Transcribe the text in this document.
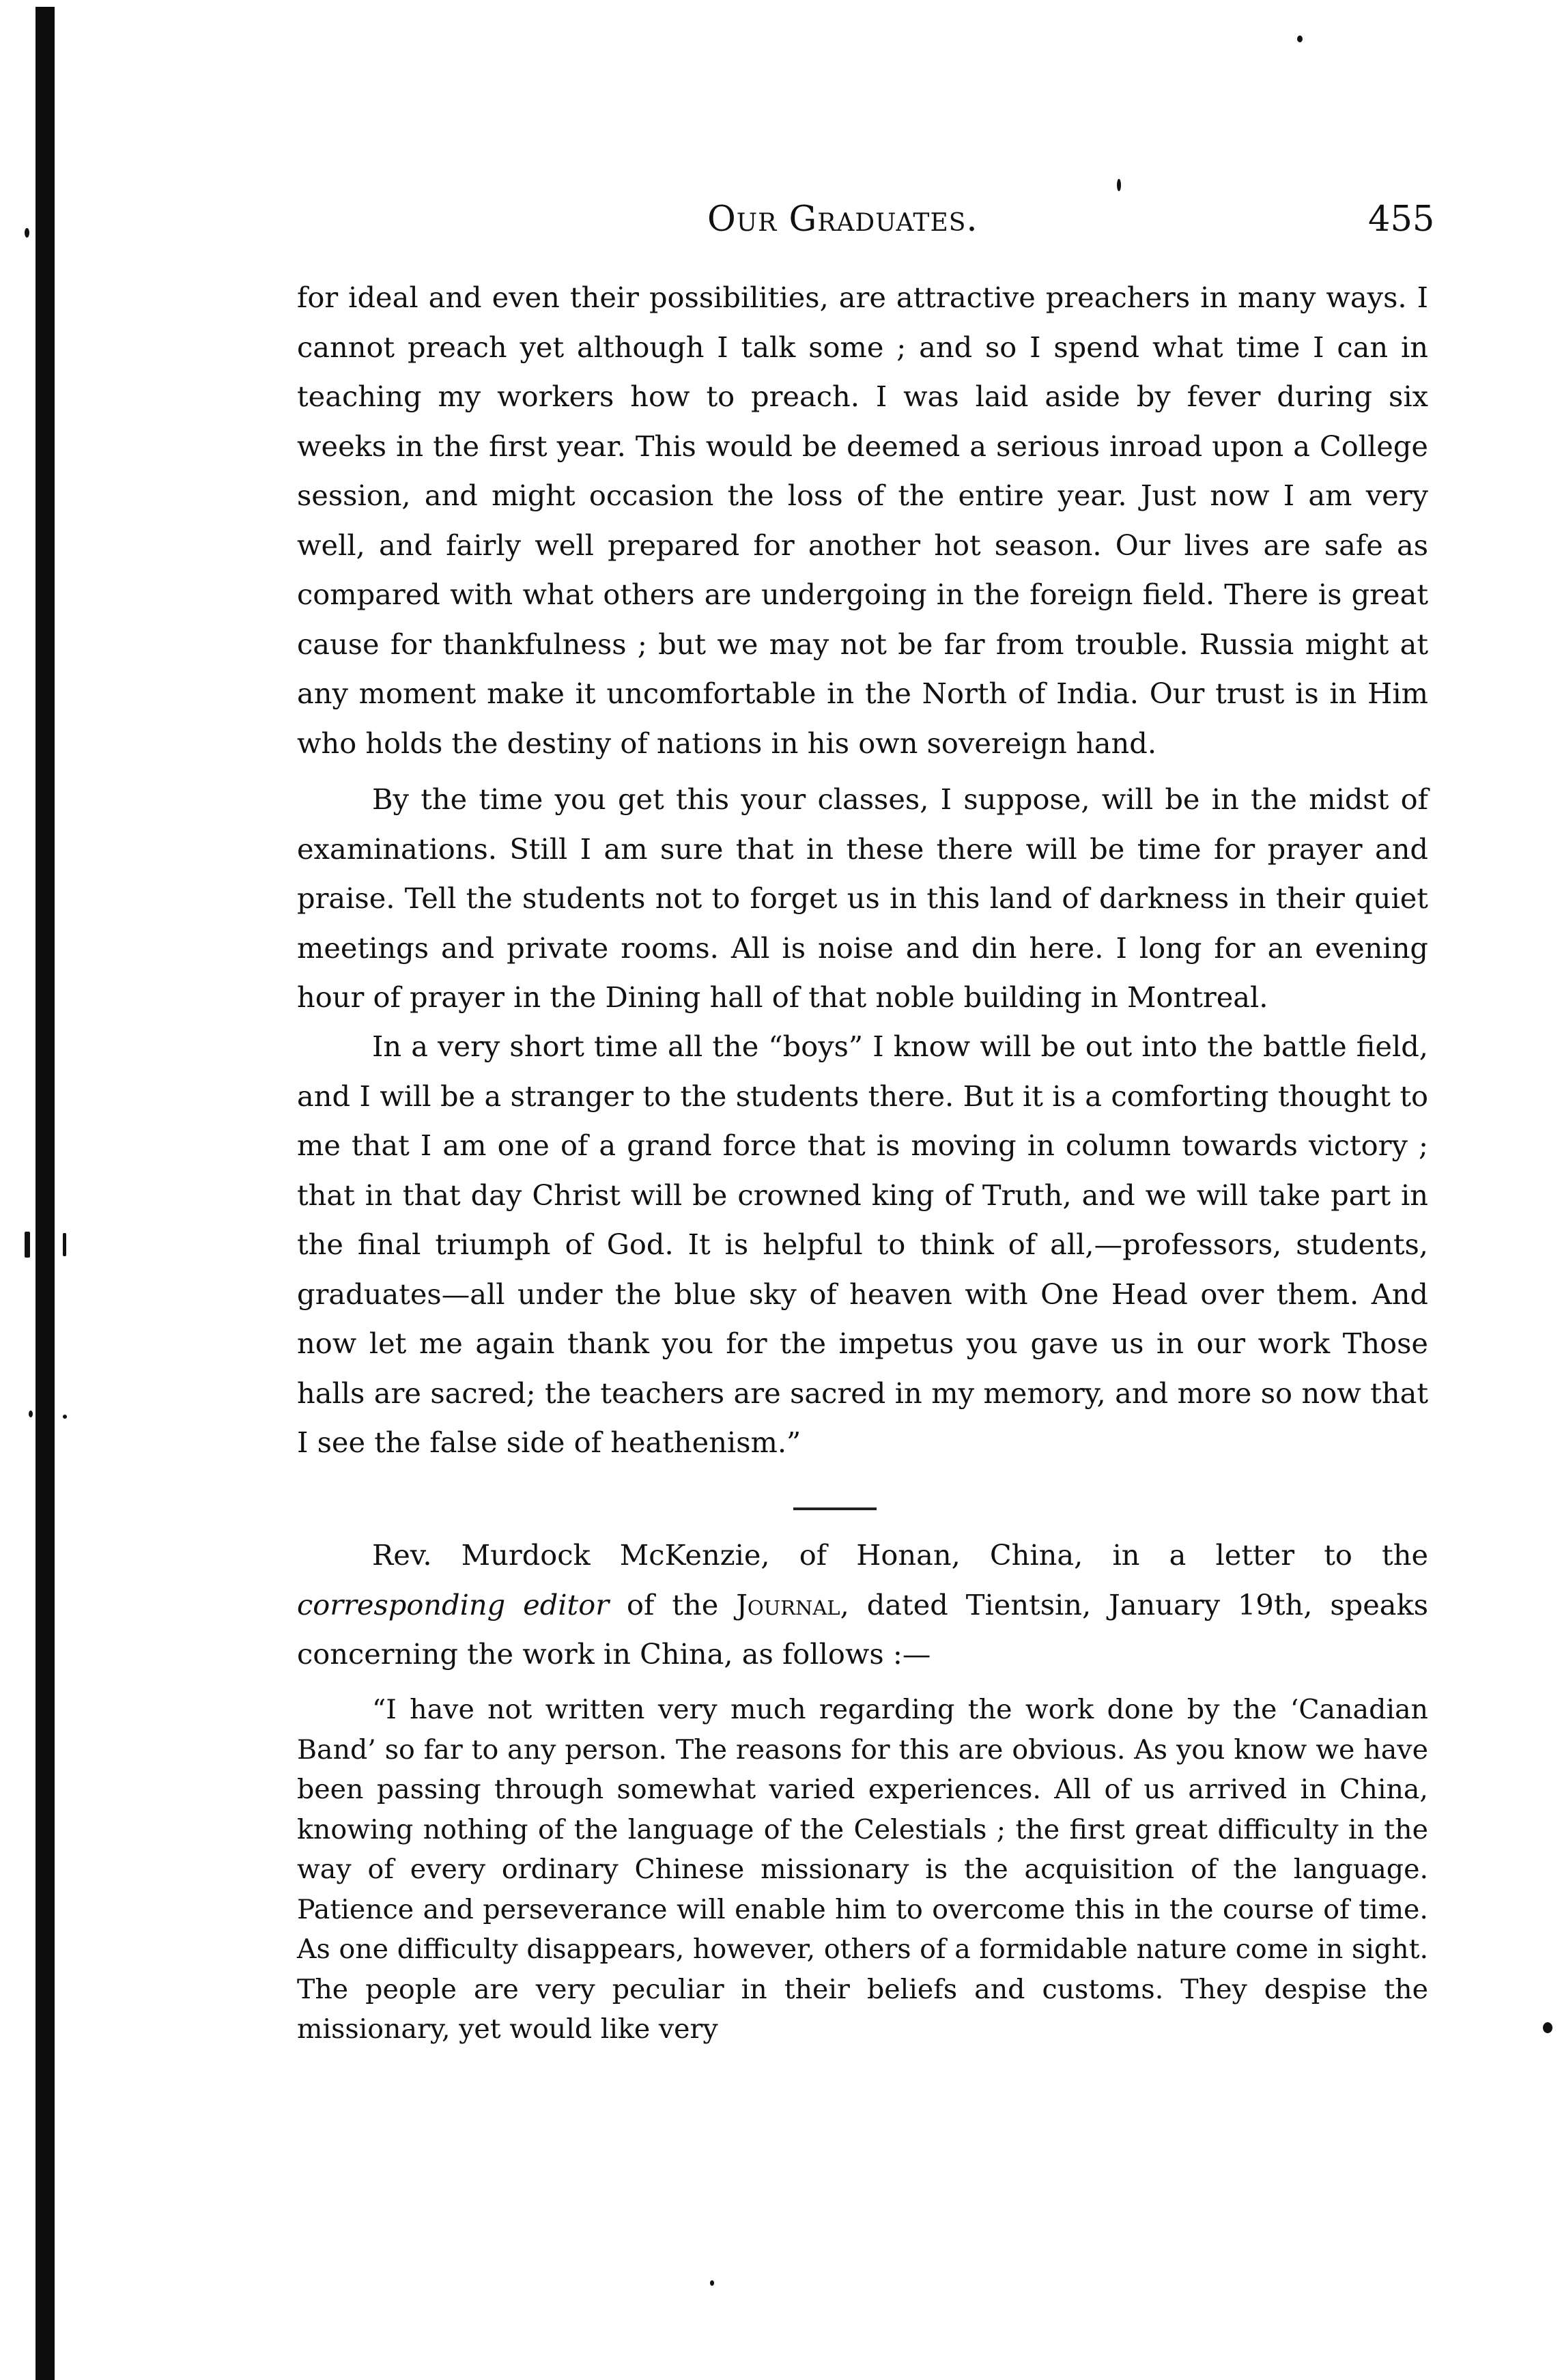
Our Graduates.	455

for ideal and even their possibilities, are attractive preachers in many ways. I cannot preach yet although I talk some ; and so I spend what time I can in teaching my workers how to preach. I was laid aside by fever during six weeks in the first year. This would be deemed a serious inroad upon a College session, and might occasion the loss of the entire year. Just now I am very well, and fairly well prepared for another hot season. Our lives are safe as compared with what others are undergoing in the foreign field. There is great cause for thankfulness ; but we may not be far from trouble. Russia might at any moment make it uncomfortable in the North of India. Our trust is in Him who holds the destiny of nations in his own sovereign hand.

By the time you get this your classes, I suppose, will be in the midst of examinations. Still I am sure that in these there will be time for prayer and praise. Tell the students not to forget us in this land of darkness in their quiet meetings and private rooms. All is noise and din here. I long for an evening hour of prayer in the Dining hall of that noble building in Montreal.

In a very short time all the “boys” I know will be out into the battle field, and I will be a stranger to the students there. But it is a comforting thought to me that I am one of a grand force that is moving in column towards victory ; that in that day Christ will be crowned king of Truth, and we will take part in the final triumph of God. It is helpful to think of all,—professors, students, graduates—all under the blue sky of heaven with One Head over them. And now let me again thank you for the impetus you gave us in our work Those halls are sacred; the teachers are sacred in my memory, and more so now that I see the false side of heathenism.”

Rev. Murdock McKenzie, of Honan, China, in a letter to the corresponding editor of the Journal, dated Tientsin, January 19th, speaks concerning the work in China, as follows :—

“I have not written very much regarding the work done by the ‘Canadian Band’ so far to any person. The reasons for this are obvious. As you know we have been passing through somewhat varied experiences. All of us arrived in China, knowing nothing of the language of the Celestials ; the first great difficulty in the way of every ordinary Chinese missionary is the acquisition of the language. Patience and perseverance will enable him to overcome this in the course of time. As one difficulty disappears, however, others of a formidable nature come in sight. The people are very peculiar in their beliefs and customs. They despise the missionary, yet would like very
